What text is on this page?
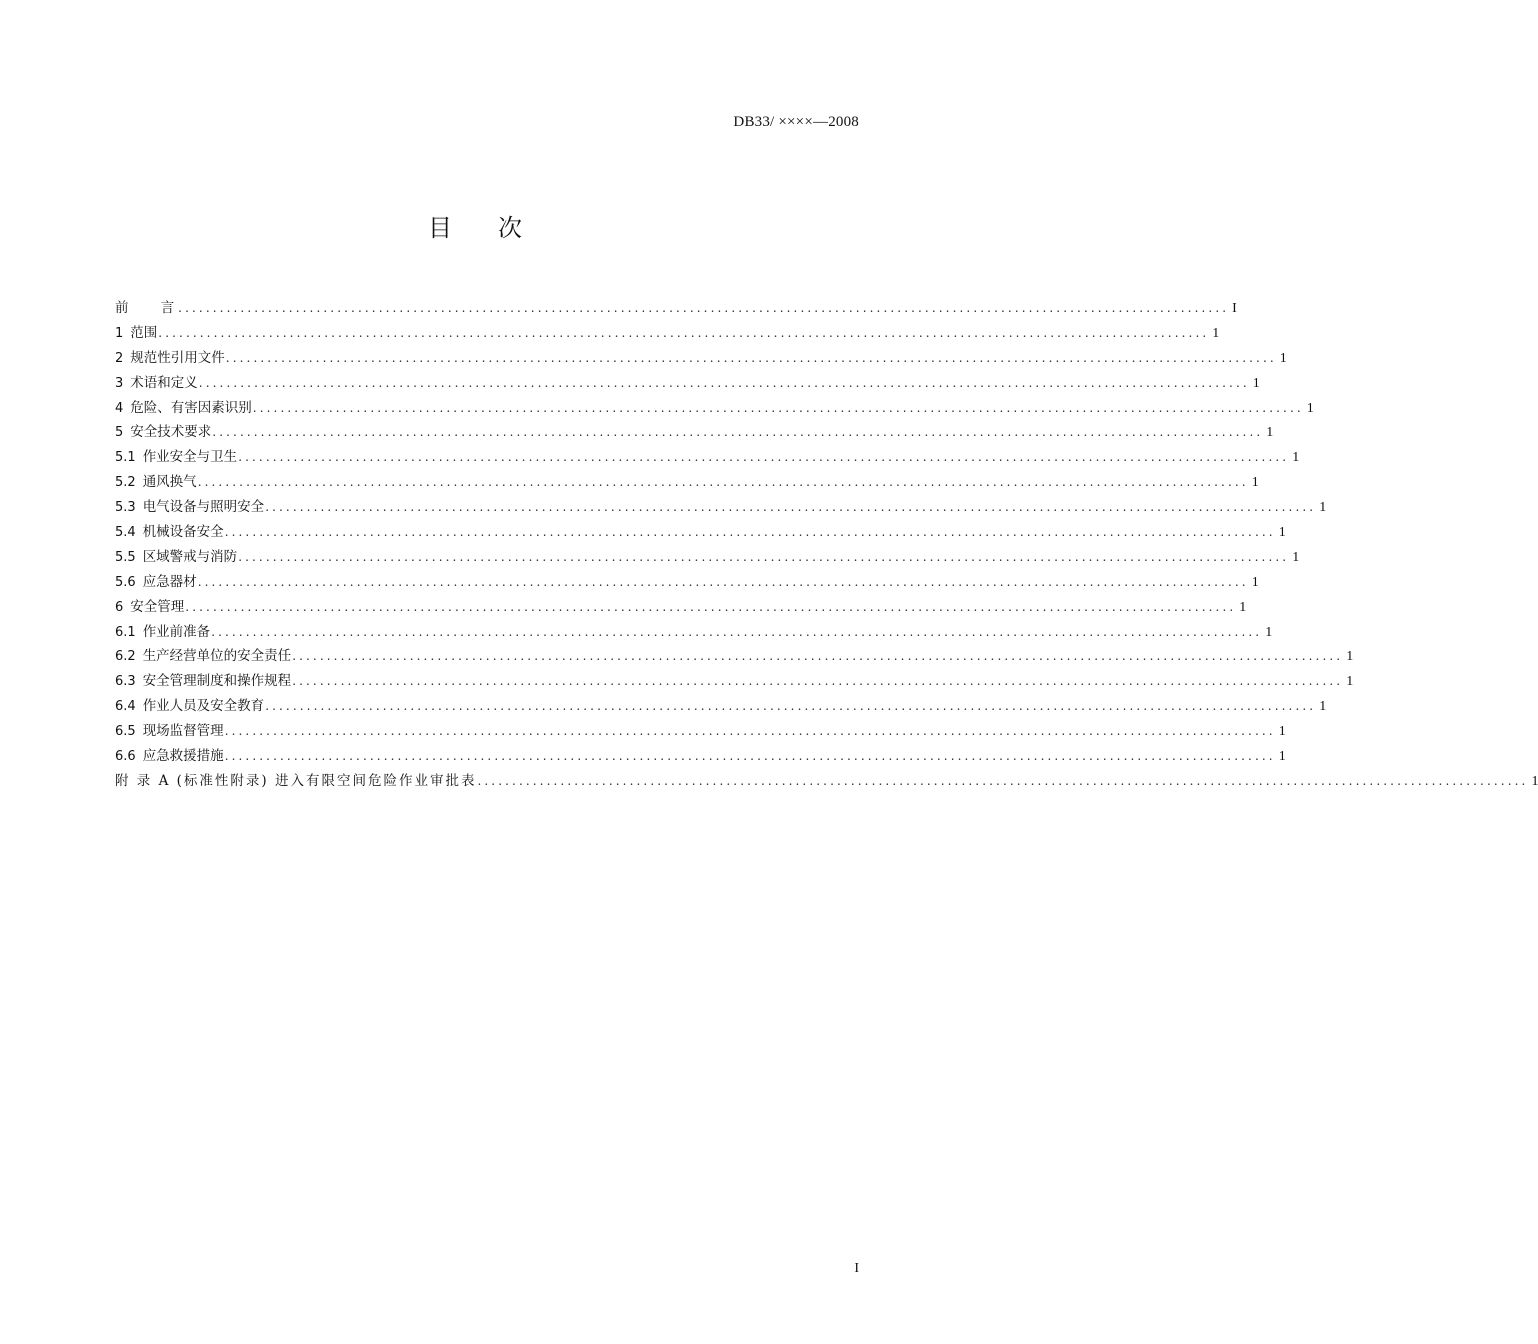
DB33/ ××××—2008
目次
前    言 ........................................................................................................................................................ I
1 范围 ........................................................................................................................................................ 1
2 规范性引用文件 ........................................................................................................................................................ 1
3 术语和定义 ........................................................................................................................................................ 1
4 危险、有害因素识别 ........................................................................................................................................................ 1
5 安全技术要求 ........................................................................................................................................................ 1
5.1 作业安全与卫生 ........................................................................................................................................................ 1
5.2 通风换气 ........................................................................................................................................................ 1
5.3 电气设备与照明安全 ........................................................................................................................................................ 1
5.4 机械设备安全 ........................................................................................................................................................ 1
5.5 区域警戒与消防 ........................................................................................................................................................ 1
5.6 应急器材 ........................................................................................................................................................ 1
6 安全管理 ........................................................................................................................................................ 1
6.1 作业前准备 ........................................................................................................................................................ 1
6.2 生产经营单位的安全责任 ........................................................................................................................................................ 1
6.3 安全管理制度和操作规程 ........................................................................................................................................................ 1
6.4 作业人员及安全教育 ........................................................................................................................................................ 1
6.5 现场监督管理 ........................................................................................................................................................ 1
6.6 应急救援措施 ........................................................................................................................................................ 1
附 录 A (标准性附录) 进入有限空间危险作业审批表 ........................................................................................................................................................ 1
I
